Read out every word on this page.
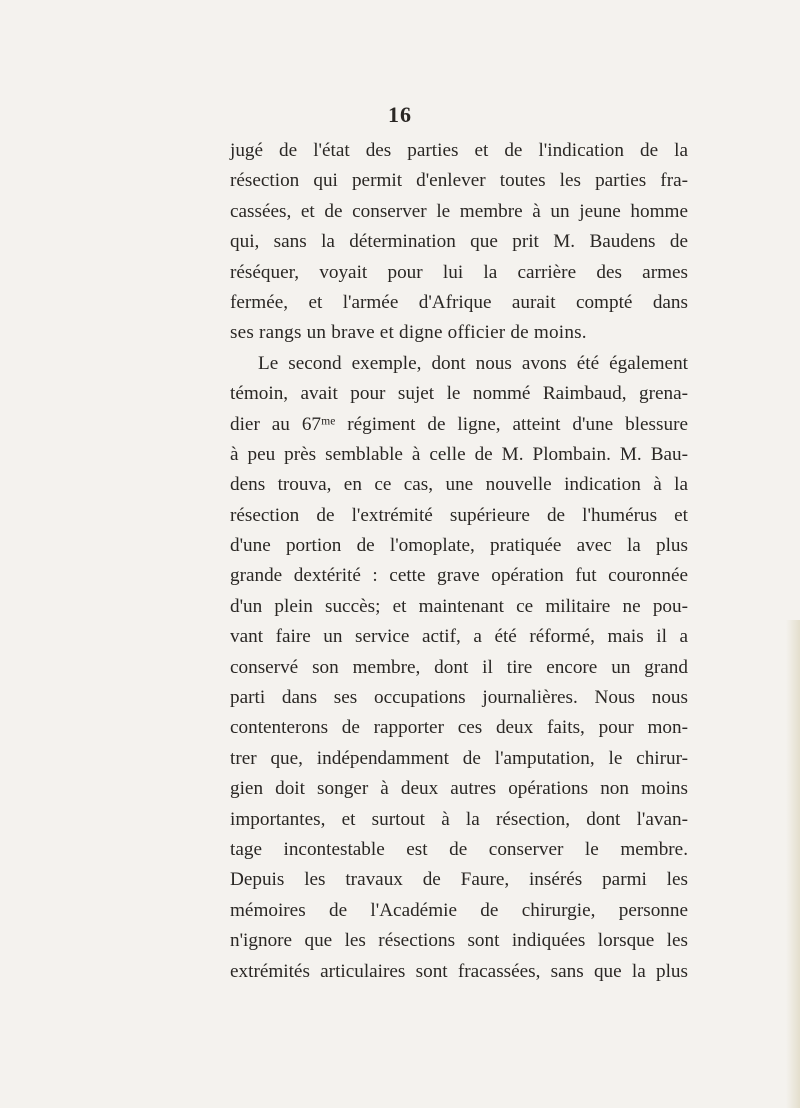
16
jugé de l'état des parties et de l'indication de la
résection qui permit d'enlever toutes les parties fra-
cassées, et de conserver le membre à un jeune homme
qui, sans la détermination que prit M. Baudens de
réséquer, voyait pour lui la carrière des armes
fermée, et l'armée d'Afrique aurait compté dans
ses rangs un brave et digne officier de moins.
Le second exemple, dont nous avons été également
témoin, avait pour sujet le nommé Raimbaud, grena-
dier au 67ᵐᵉ régiment de ligne, atteint d'une blessure
à peu près semblable à celle de M. Plombain. M. Bau-
dens trouva, en ce cas, une nouvelle indication à la
résection de l'extrémité supérieure de l'humérus et
d'une portion de l'omoplate, pratiquée avec la plus
grande dextérité : cette grave opération fut couronnée
d'un plein succès; et maintenant ce militaire ne pou-
vant faire un service actif, a été réformé, mais il a
conservé son membre, dont il tire encore un grand
parti dans ses occupations journalières. Nous nous
contenterons de rapporter ces deux faits, pour mon-
trer que, indépendamment de l'amputation, le chirur-
gien doit songer à deux autres opérations non moins
importantes, et surtout à la résection, dont l'avan-
tage incontestable est de conserver le membre.
Depuis les travaux de Faure, insérés parmi les
mémoires de l'Académie de chirurgie, personne
n'ignore que les résections sont indiquées lorsque les
extrémités articulaires sont fracassées, sans que la plus
